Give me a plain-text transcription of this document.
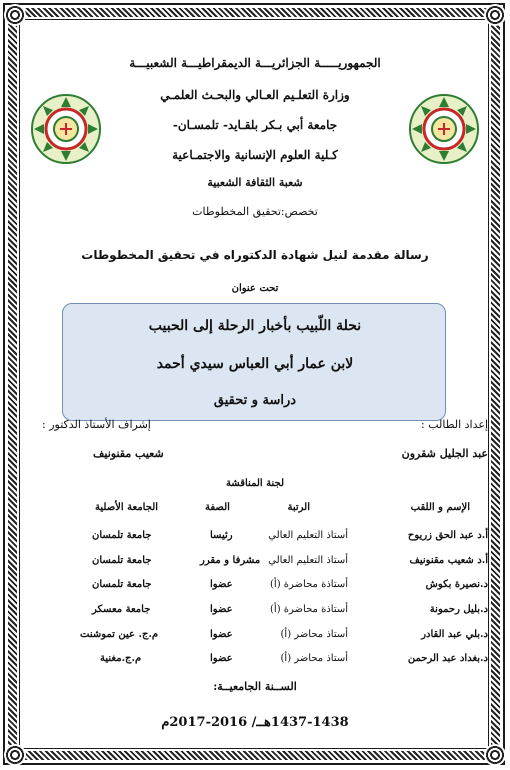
الجمهوريـــــة الجزائريـــة الديمقراطيـــة الشعبيـــة
وزارة التعلـيم العـالي والبحـث العلمـي
جامعة أبي بـكر بلقـايد- تلمسـان-
كـلية العلوم الإنسانية والاجتمـاعية
شعبة الثقافة الشعبية
تخصص:تحقيق المخطوطات
رسالة مقدمة لنيل شهادة الدكتوراه في تحقيق المخطوطات
تحت عنوان
نحلة اللّبيب بأخبار الرحلة إلى الحبيب
لابن عمار أبي العباس سيدي أحمد
دراسة و تحقيق
إعداد الطالب :
إشراف الأستاذ الدكتور :
عبد الجليل شقرون
شعيب مقنونيف
لجنة المناقشة
الإسم و اللقب
الرتبة
الصفة
الجامعة الأصلية
أ.د عبد الحق زريوح
أستاذ التعليم العالي
رئيسا
جامعة تلمسان
أ.د شعيب مقنونيف
أستاذ التعليم العالي
مشرفا و مقرر
جامعة تلمسان
د.نصيرة بكوش
أستاذة محاضرة (أ)
عضوا
جامعة تلمسان
د.بليل رحمونة
أستاذة محاضرة (أ)
عضوا
جامعة معسكر
د.بلي عبد القادر
أستاذ محاضر (أ)
عضوا
م.ج. عين تموشنت
د.بغداد عبد الرحمن
أستاذ محاضر (أ)
عضوا
م.ج.مغنية
الســنة الجامعيــة:
1437-1438هــ/ 2016-2017م
